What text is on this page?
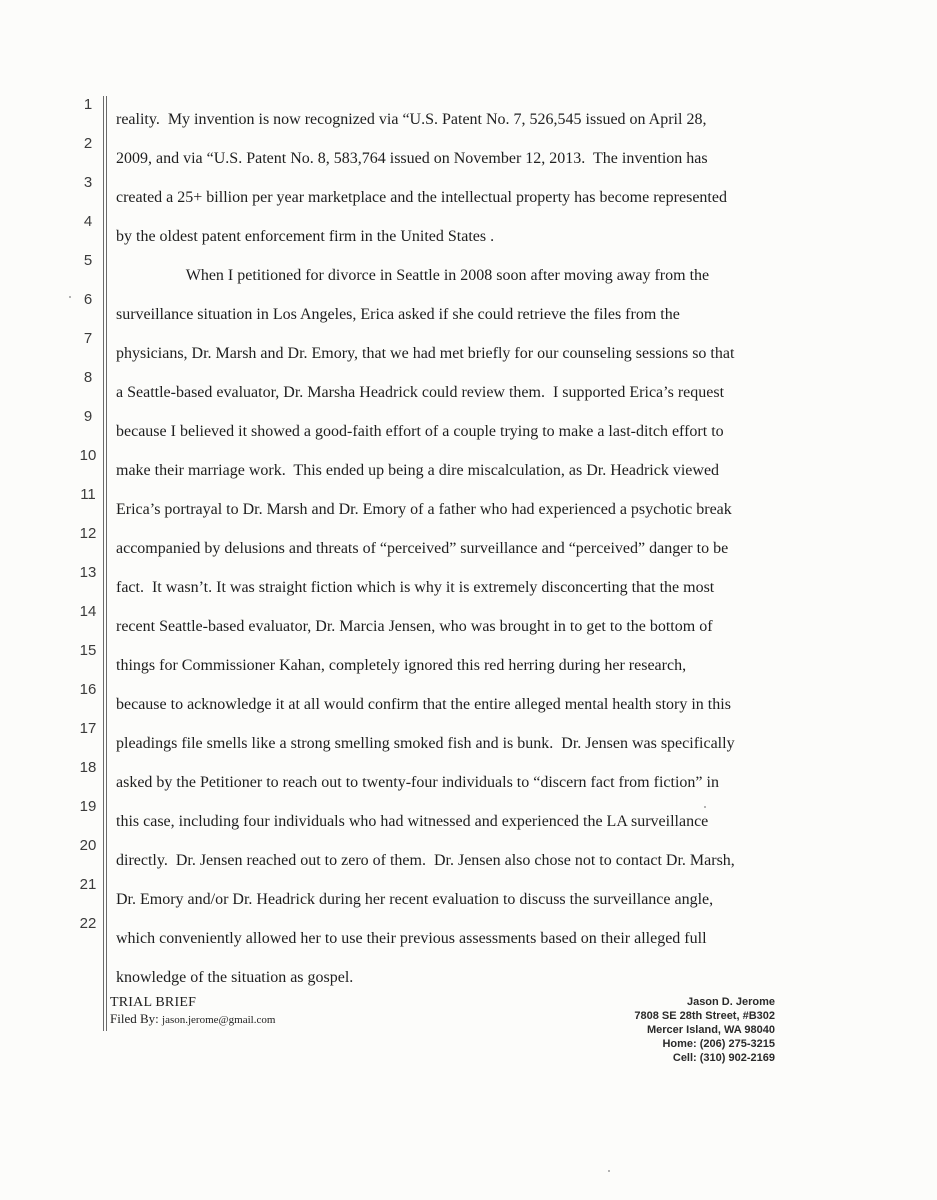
1
2
3
4
5
6
7
8
9
10
11
12
13
14
15
16
17
18
19
20
21
22
reality.  My invention is now recognized via “U.S. Patent No. 7, 526,545 issued on April 28,
2009, and via “U.S. Patent No. 8, 583,764 issued on November 12, 2013.  The invention has
created a 25+ billion per year marketplace and the intellectual property has become represented
by the oldest patent enforcement firm in the United States .
When I petitioned for divorce in Seattle in 2008 soon after moving away from the
surveillance situation in Los Angeles, Erica asked if she could retrieve the files from the
physicians, Dr. Marsh and Dr. Emory, that we had met briefly for our counseling sessions so that
a Seattle-based evaluator, Dr. Marsha Headrick could review them.  I supported Erica’s request
because I believed it showed a good-faith effort of a couple trying to make a last-ditch effort to
make their marriage work.  This ended up being a dire miscalculation, as Dr. Headrick viewed
Erica’s portrayal to Dr. Marsh and Dr. Emory of a father who had experienced a psychotic break
accompanied by delusions and threats of “perceived” surveillance and “perceived” danger to be
fact.  It wasn’t. It was straight fiction which is why it is extremely disconcerting that the most
recent Seattle-based evaluator, Dr. Marcia Jensen, who was brought in to get to the bottom of
things for Commissioner Kahan, completely ignored this red herring during her research,
because to acknowledge it at all would confirm that the entire alleged mental health story in this
pleadings file smells like a strong smelling smoked fish and is bunk.  Dr. Jensen was specifically
asked by the Petitioner to reach out to twenty-four individuals to “discern fact from fiction” in
this case, including four individuals who had witnessed and experienced the LA surveillance
directly.  Dr. Jensen reached out to zero of them.  Dr. Jensen also chose not to contact Dr. Marsh,
Dr. Emory and/or Dr. Headrick during her recent evaluation to discuss the surveillance angle,
which conveniently allowed her to use their previous assessments based on their alleged full
knowledge of the situation as gospel.
TRIAL BRIEF
Filed By: jason.jerome@gmail.com
Jason D. Jerome
7808 SE 28th Street, #B302
Mercer Island, WA 98040
Home: (206) 275-3215
Cell: (310) 902-2169
